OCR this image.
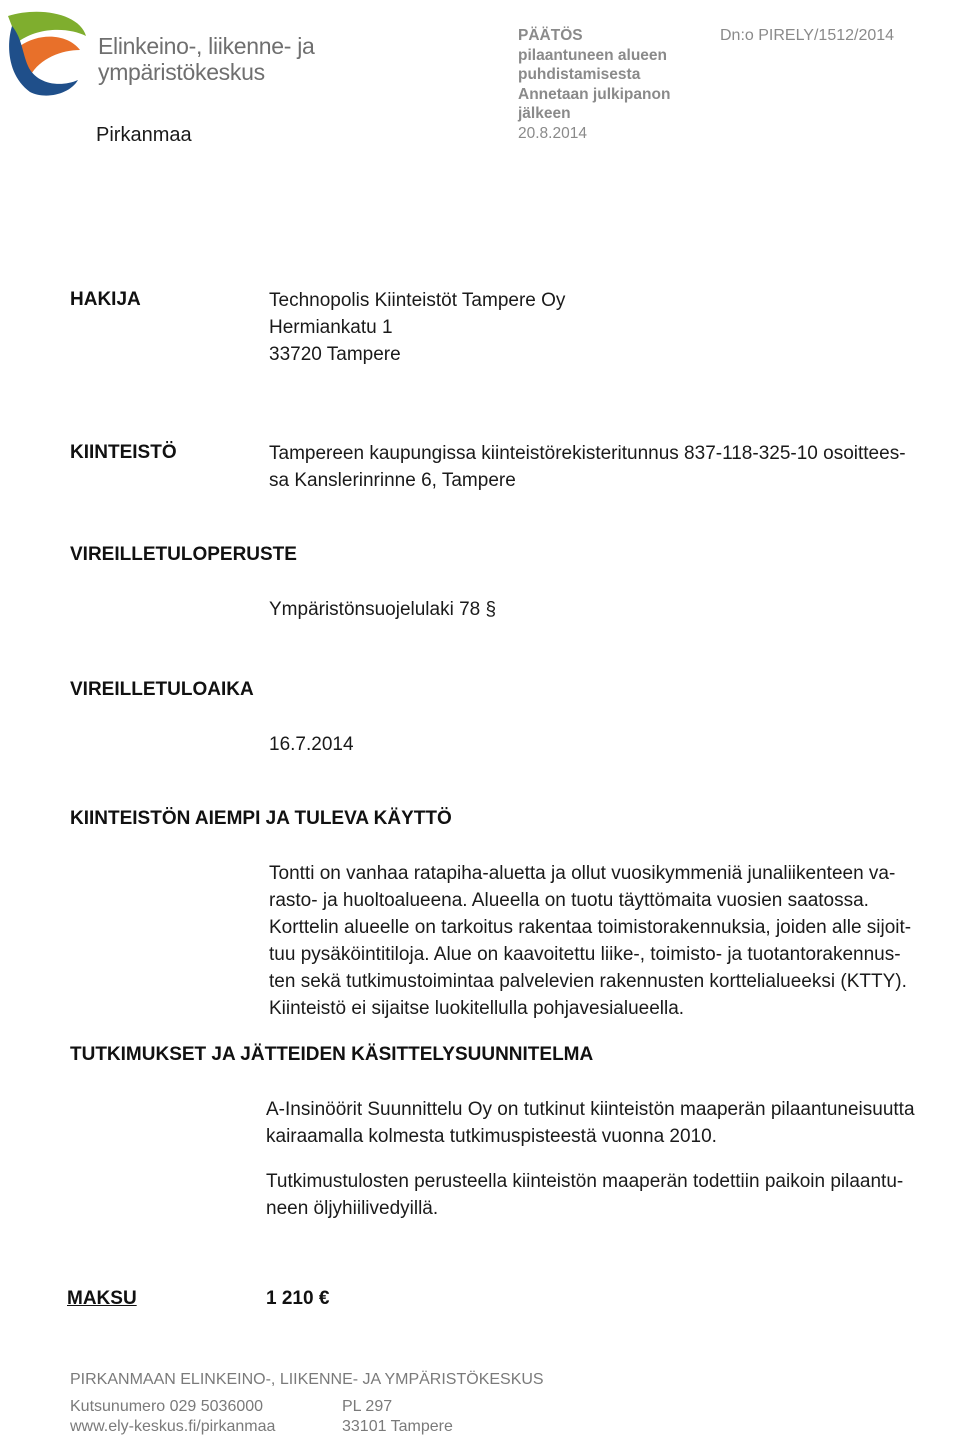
Elinkeino-, liikenne- ja
ympäristökeskus
Pirkanmaa
PÄÄTÖS
pilaantuneen alueen
puhdistamisesta
Annetaan julkipanon
jälkeen
20.8.2014
Dn:o PIRELY/1512/2014
HAKIJA	Technopolis Kiinteistöt Tampere Oy
Hermiankatu 1
33720 Tampere
KIINTEISTÖ	Tampereen kaupungissa kiinteistörekisteritunnus 837-118-325-10 osoittees-
sa Kanslerinrinne 6, Tampere
VIREILLETULOPERUSTE
Ympäristönsuojelulaki 78 §
VIREILLETULOAIKA
16.7.2014
KIINTEISTÖN AIEMPI JA TULEVA KÄYTTÖ
Tontti on vanhaa ratapiha-aluetta ja ollut vuosikymmeniä junaliikenteen va-
rasto- ja huoltoalueena. Alueella on tuotu täyttömaita vuosien saatossa.
Korttelin alueelle on tarkoitus rakentaa toimistorakennuksia, joiden alle sijoit-
tuu pysäköintitiloja. Alue on kaavoitettu liike-, toimisto- ja tuotantorakennus-
ten sekä tutkimustoimintaa palvelevien rakennusten korttelialueeksi (KTTY).
Kiinteistö ei sijaitse luokitellulla pohjavesialueella.
TUTKIMUKSET JA JÄTTEIDEN KÄSITTELYSUUNNITELMA
A-Insinöörit Suunnittelu Oy on tutkinut kiinteistön maaperän pilaantuneisuutta
kairaamalla kolmesta tutkimuspisteestä vuonna 2010.
Tutkimustulosten perusteella kiinteistön maaperän todettiin paikoin pilaantu-
neen öljyhiilivedyillä.
MAKSU	1 210 €
PIRKANMAAN ELINKEINO-, LIIKENNE- JA YMPÄRISTÖKESKUS
Kutsunumero 029 5036000
www.ely-keskus.fi/pirkanmaa
PL 297
33101 Tampere
